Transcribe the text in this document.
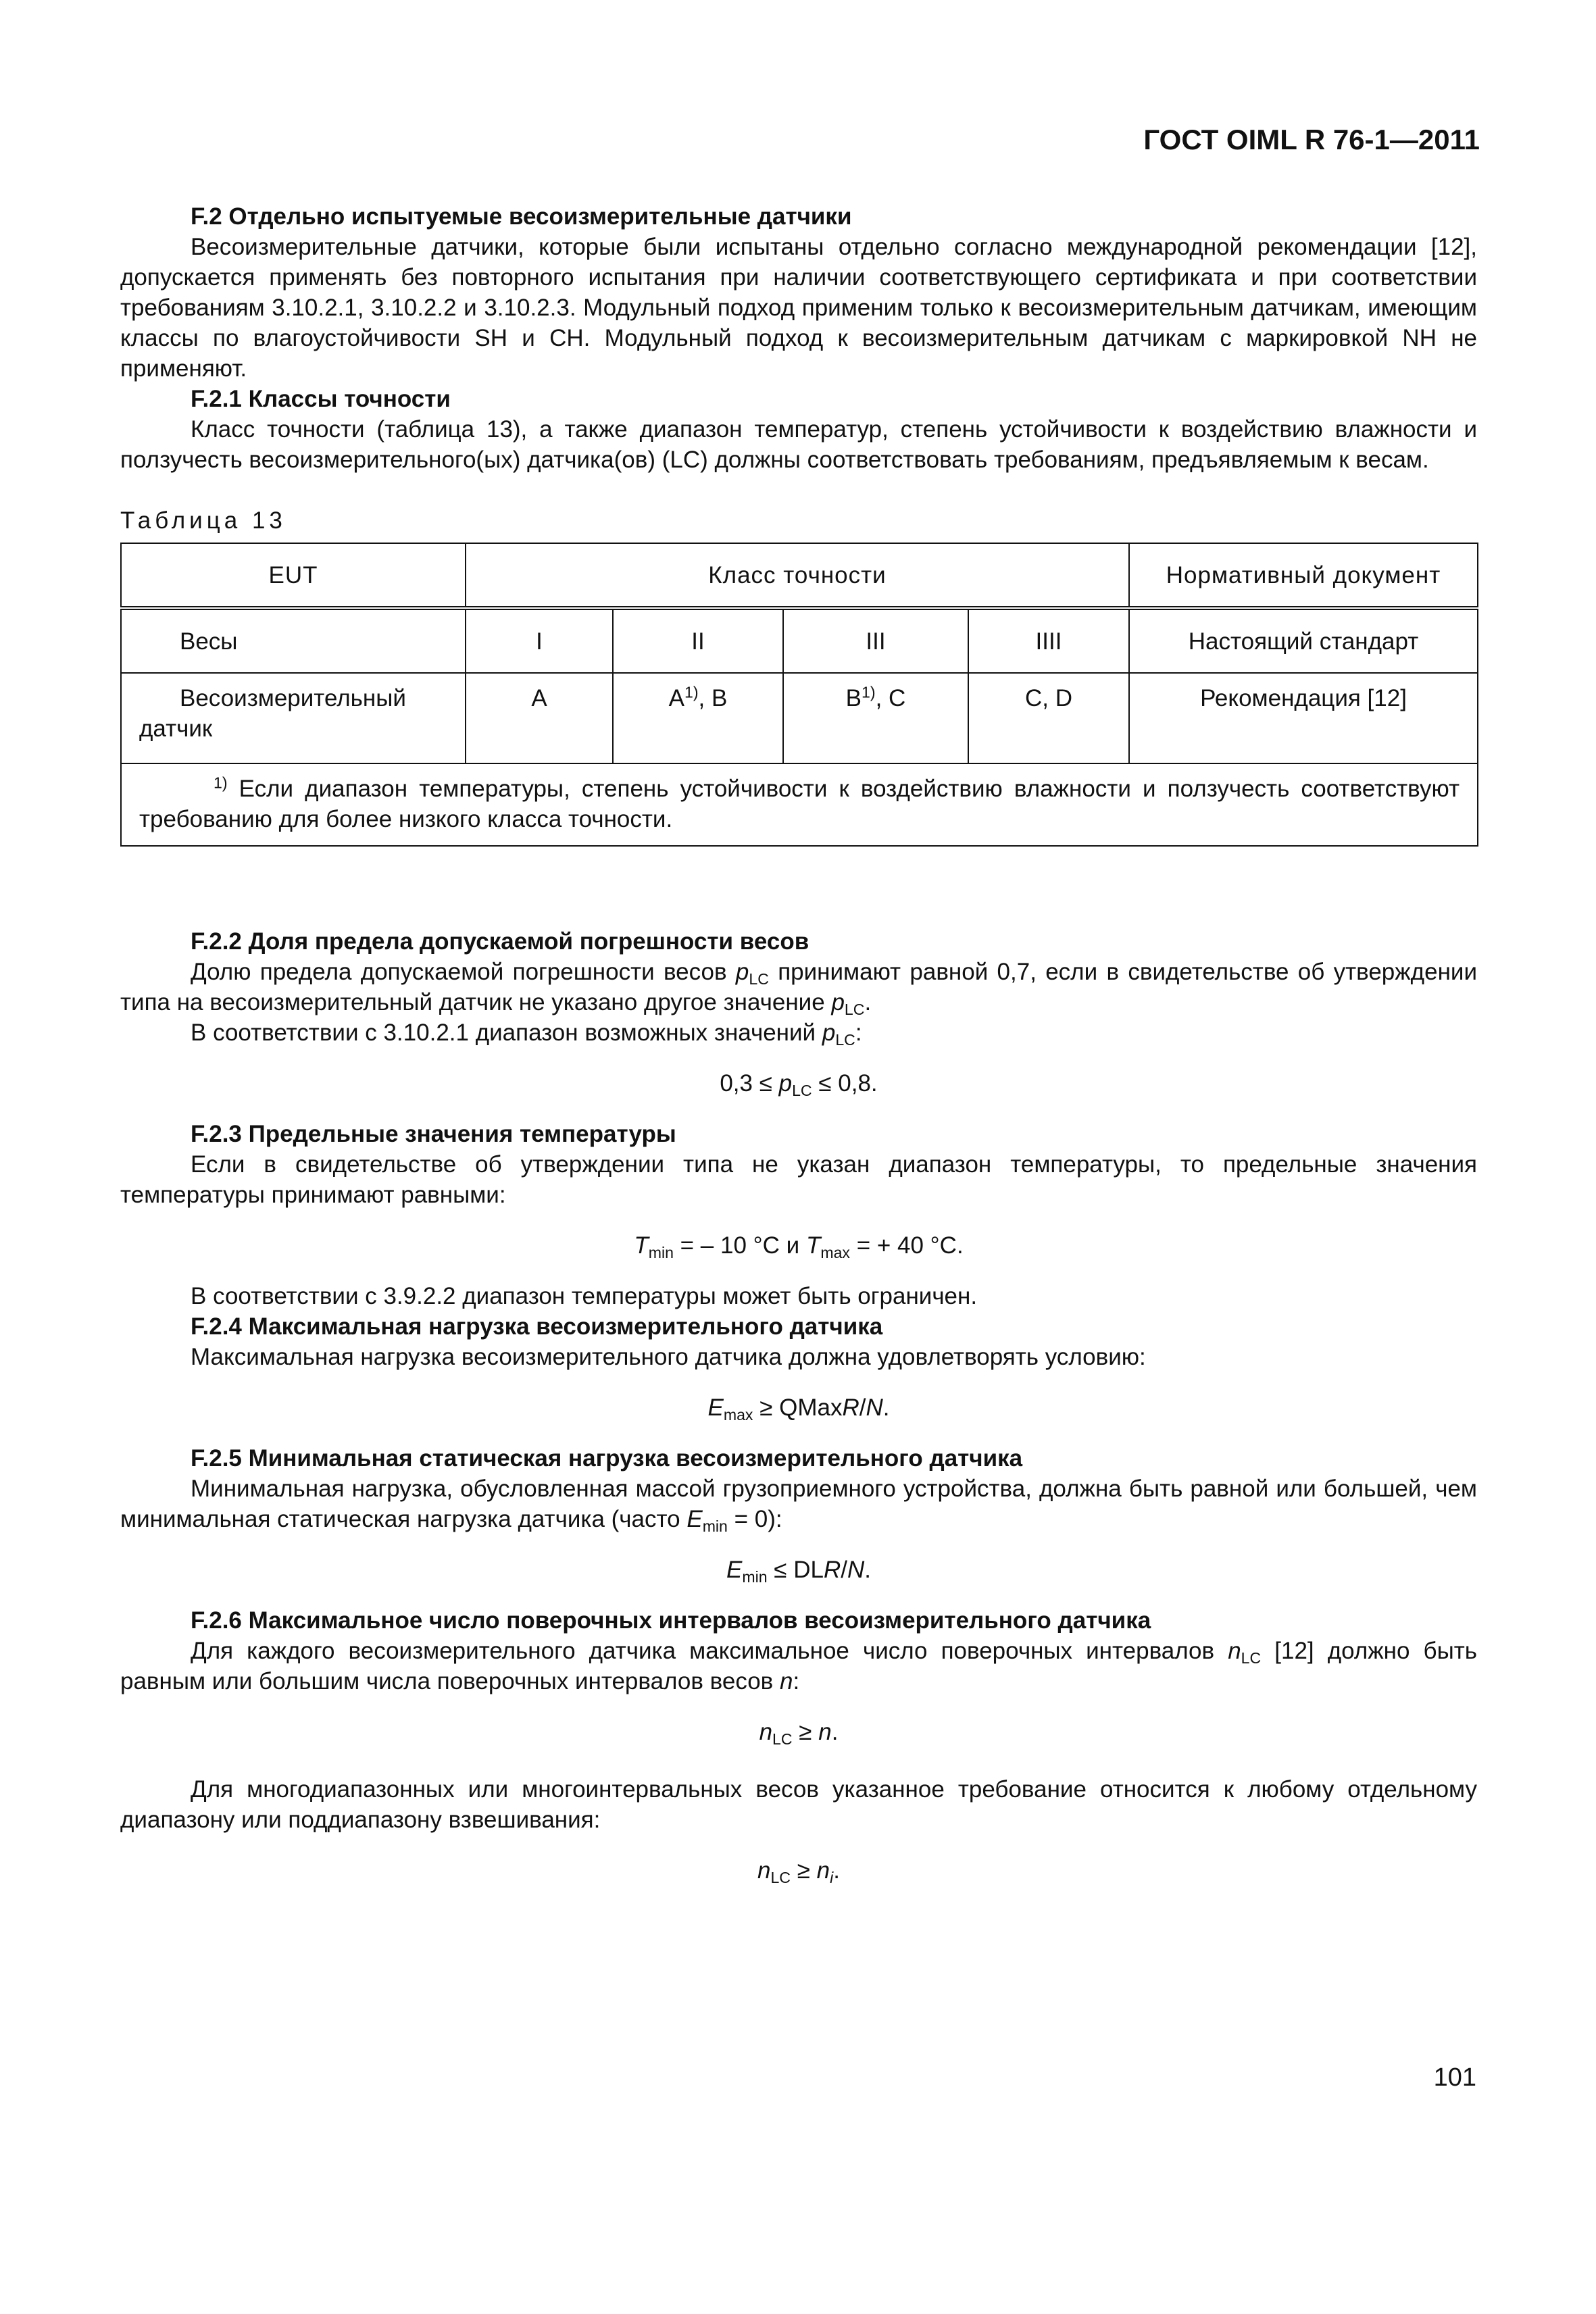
ГОСТ OIML R 76-1—2011

F.2 Отдельно испытуемые весоизмерительные датчики

Весоизмерительные датчики, которые были испытаны отдельно согласно международной рекомендации [12], допускается применять без повторного испытания при наличии соответствующего сертификата и при соответствии требованиям 3.10.2.1, 3.10.2.2 и 3.10.2.3. Модульный подход применим только к весоизмерительным датчикам, имеющим классы по влагоустойчивости SH и CH. Модульный подход к весоизмерительным датчикам с маркировкой NH не применяют.

F.2.1 Классы точности

Класс точности (таблица 13), а также диапазон температур, степень устойчивости к воздействию влажности и ползучесть весоизмерительного(ых) датчика(ов) (LC) должны соответствовать требованиям, предъявляемым к весам.

Таблица 13

EUT	Класс точности				Нормативный документ
Весы	I	II	III	IIII	Настоящий стандарт
Весоизмерительный датчик	A	$A^{1)}$, B	$B^{1)}$, C	C, D	Рекомендация [12]
$^{1)}$ Если диапазон температуры, степень устойчивости к воздействию влажности и ползучесть соответствуют требованию для более низкого класса точности.					

F.2.2 Доля предела допускаемой погрешности весов

Долю предела допускаемой погрешности весов $p_{LC}$ принимают равной 0,7, если в свидетельстве об утверждении типа на весоизмерительный датчик не указано другое значение $p_{LC}$.

В соответствии с 3.10.2.1 диапазон возможных значений $p_{LC}$:

$0,3 \le p_{LC} \le 0,8$.

F.2.3 Предельные значения температуры

Если в свидетельстве об утверждении типа не указан диапазон температуры, то предельные значения температуры принимают равными:

$T_{min}$ = – 10 °C и $T_{max}$ = + 40 °C.

В соответствии с 3.9.2.2 диапазон температуры может быть ограничен.

F.2.4 Максимальная нагрузка весоизмерительного датчика

Максимальная нагрузка весоизмерительного датчика должна удовлетворять условию:

$E_{max}$ ≥ QMaxR/N.

F.2.5 Минимальная статическая нагрузка весоизмерительного датчика

Минимальная нагрузка, обусловленная массой грузоприемного устройства, должна быть равной или большей, чем минимальная статическая нагрузка датчика (часто $E_{min} = 0$):

$E_{min} \le DLR/N$.

F.2.6 Максимальное число поверочных интервалов весоизмерительного датчика

Для каждого весоизмерительного датчика максимальное число поверочных интервалов $n_{LC}$ [12] должно быть равным или большим числа поверочных интервалов весов n:

$n_{LC} \ge n$.

Для многодиапазонных или многоинтервальных весов указанное требование относится к любому отдельному диапазону или поддиапазону взвешивания:

$n_{LC} \ge n_i$.

101
